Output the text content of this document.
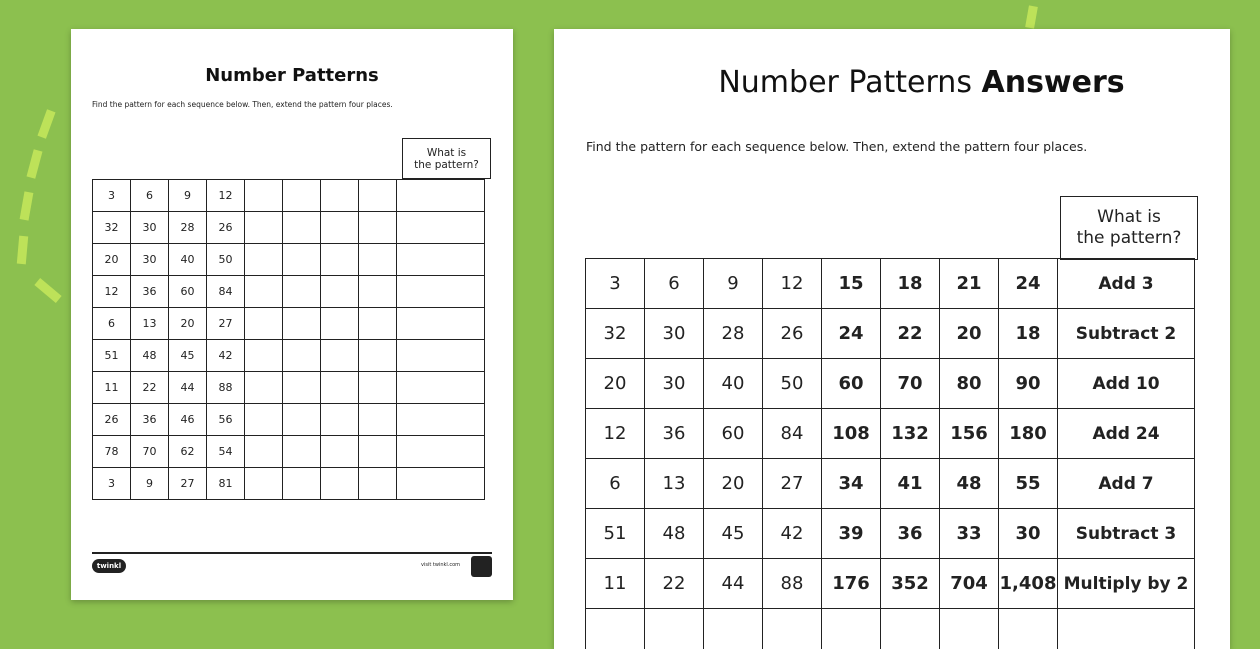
Number Patterns
Find the pattern for each sequence below. Then, extend the pattern four places.
What is
the pattern?
3	6	9	12					
32	30	28	26					
20	30	40	50					
12	36	60	84					
6	13	20	27					
51	48	45	42					
11	22	44	88					
26	36	46	56					
78	70	62	54					
3	9	27	81					
twinkl	visit twinkl.com
Number Patterns Answers
Find the pattern for each sequence below. Then, extend the pattern four places.
What is
the pattern?
3	6	9	12	15	18	21	24	Add 3
32	30	28	26	24	22	20	18	Subtract 2
20	30	40	50	60	70	80	90	Add 10
12	36	60	84	108	132	156	180	Add 24
6	13	20	27	34	41	48	55	Add 7
51	48	45	42	39	36	33	30	Subtract 3
11	22	44	88	176	352	704	1,408	Multiply by 2
